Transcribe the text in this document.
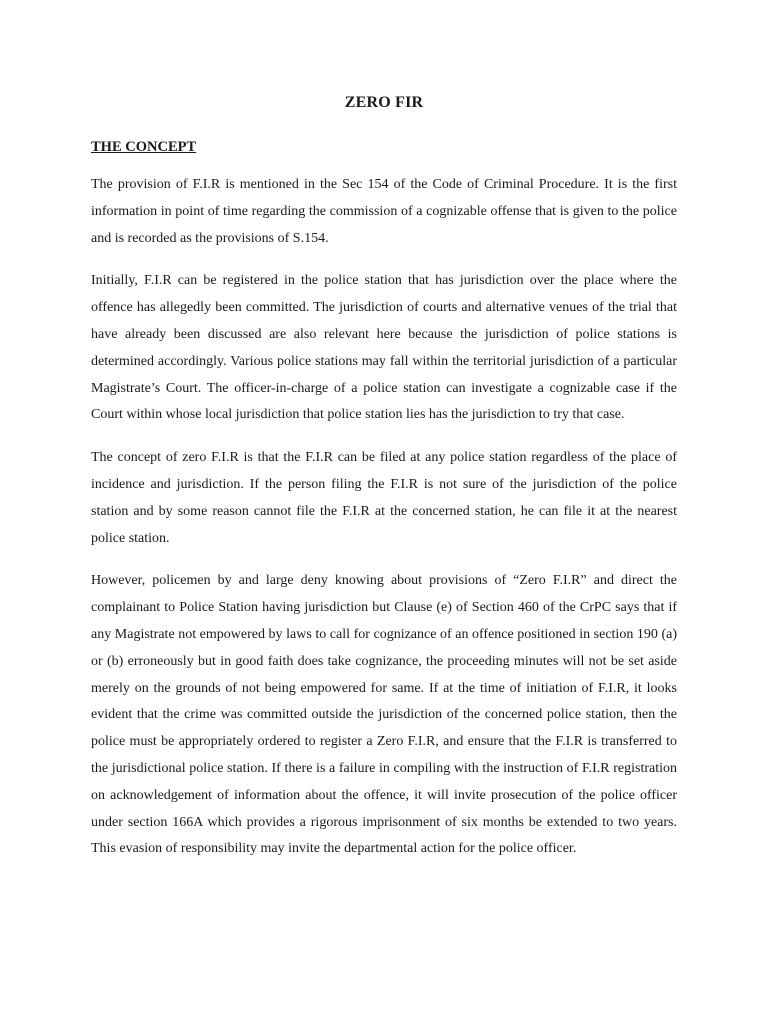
ZERO FIR
THE CONCEPT

The provision of F.I.R is mentioned in the Sec 154 of the Code of Criminal Procedure. It is the first information in point of time regarding the commission of a cognizable offense that is given to the police and is recorded as the provisions of S.154.

Initially, F.I.R can be registered in the police station that has jurisdiction over the place where the offence has allegedly been committed. The jurisdiction of courts and alternative venues of the trial that have already been discussed are also relevant here because the jurisdiction of police stations is determined accordingly. Various police stations may fall within the territorial jurisdiction of a particular Magistrate’s Court. The officer-in-charge of a police station can investigate a cognizable case if the Court within whose local jurisdiction that police station lies has the jurisdiction to try that case.

The concept of zero F.I.R is that the F.I.R can be filed at any police station regardless of the place of incidence and jurisdiction. If the person filing the F.I.R is not sure of the jurisdiction of the police station and by some reason cannot file the F.I.R at the concerned station, he can file it at the nearest police station.

However, policemen by and large deny knowing about provisions of “Zero F.I.R” and direct the complainant to Police Station having jurisdiction but Clause (e) of Section 460 of the CrPC says that if any Magistrate not empowered by laws to call for cognizance of an offence positioned in section 190 (a) or (b) erroneously but in good faith does take cognizance, the proceeding minutes will not be set aside merely on the grounds of not being empowered for same. If at the time of initiation of F.I.R, it looks evident that the crime was committed outside the jurisdiction of the concerned police station, then the police must be appropriately ordered to register a Zero F.I.R, and ensure that the F.I.R is transferred to the jurisdictional police station. If there is a failure in compiling with the instruction of F.I.R registration on acknowledgement of information about the offence, it will invite prosecution of the police officer under section 166A which provides a rigorous imprisonment of six months be extended to two years. This evasion of responsibility may invite the departmental action for the police officer.
